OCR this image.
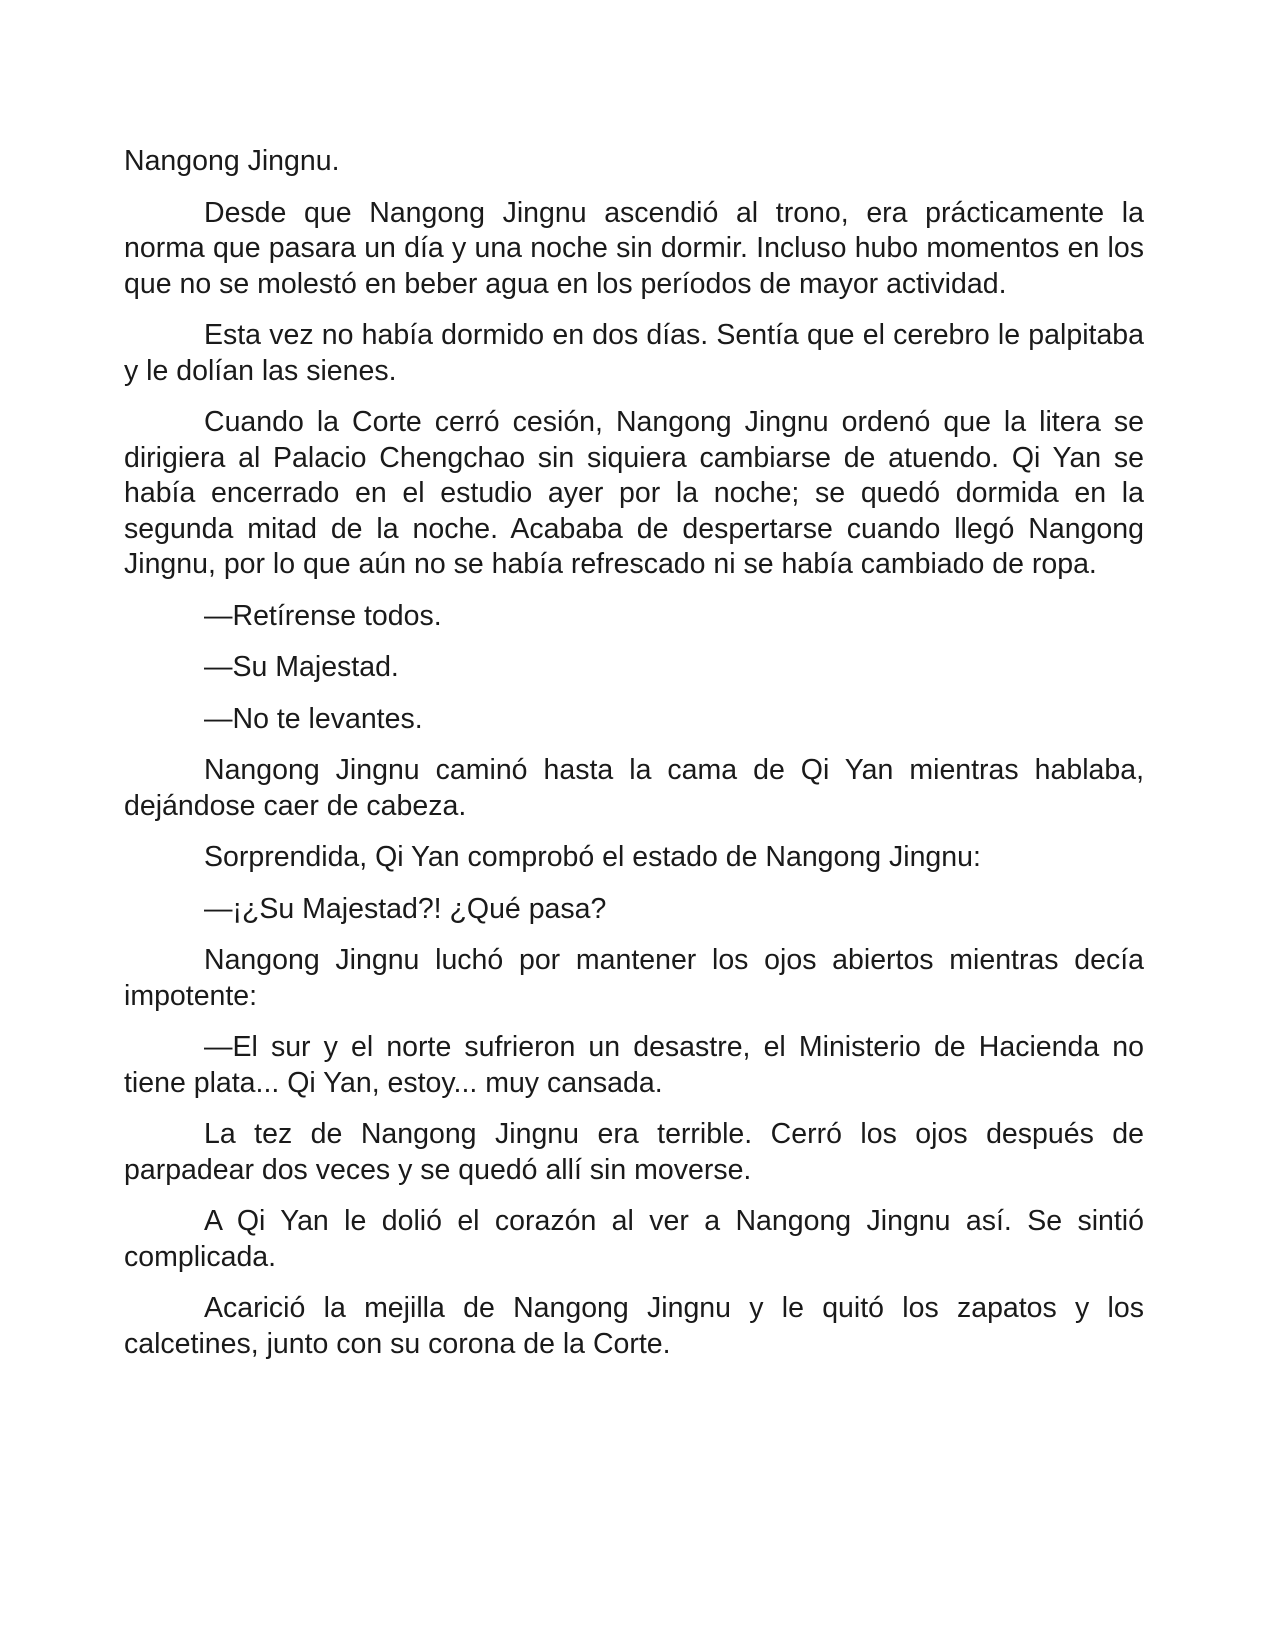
Nangong Jingnu.

Desde que Nangong Jingnu ascendió al trono, era prácticamente la norma que pasara un día y una noche sin dormir. Incluso hubo momentos en los que no se molestó en beber agua en los períodos de mayor actividad.

Esta vez no había dormido en dos días. Sentía que el cerebro le palpitaba y le dolían las sienes.

Cuando la Corte cerró cesión, Nangong Jingnu ordenó que la litera se dirigiera al Palacio Chengchao sin siquiera cambiarse de atuendo. Qi Yan se había encerrado en el estudio ayer por la noche; se quedó dormida en la segunda mitad de la noche. Acababa de despertarse cuando llegó Nangong Jingnu, por lo que aún no se había refrescado ni se había cambiado de ropa.

—Retírense todos.

—Su Majestad.

—No te levantes.

Nangong Jingnu caminó hasta la cama de Qi Yan mientras hablaba, dejándose caer de cabeza.

Sorprendida, Qi Yan comprobó el estado de Nangong Jingnu:

—¡¿Su Majestad?! ¿Qué pasa?

Nangong Jingnu luchó por mantener los ojos abiertos mientras decía impotente:

—El sur y el norte sufrieron un desastre, el Ministerio de Hacienda no tiene plata... Qi Yan, estoy... muy cansada.

La tez de Nangong Jingnu era terrible. Cerró los ojos después de parpadear dos veces y se quedó allí sin moverse.

A Qi Yan le dolió el corazón al ver a Nangong Jingnu así. Se sintió complicada.

Acarició la mejilla de Nangong Jingnu y le quitó los zapatos y los calcetines, junto con su corona de la Corte.
